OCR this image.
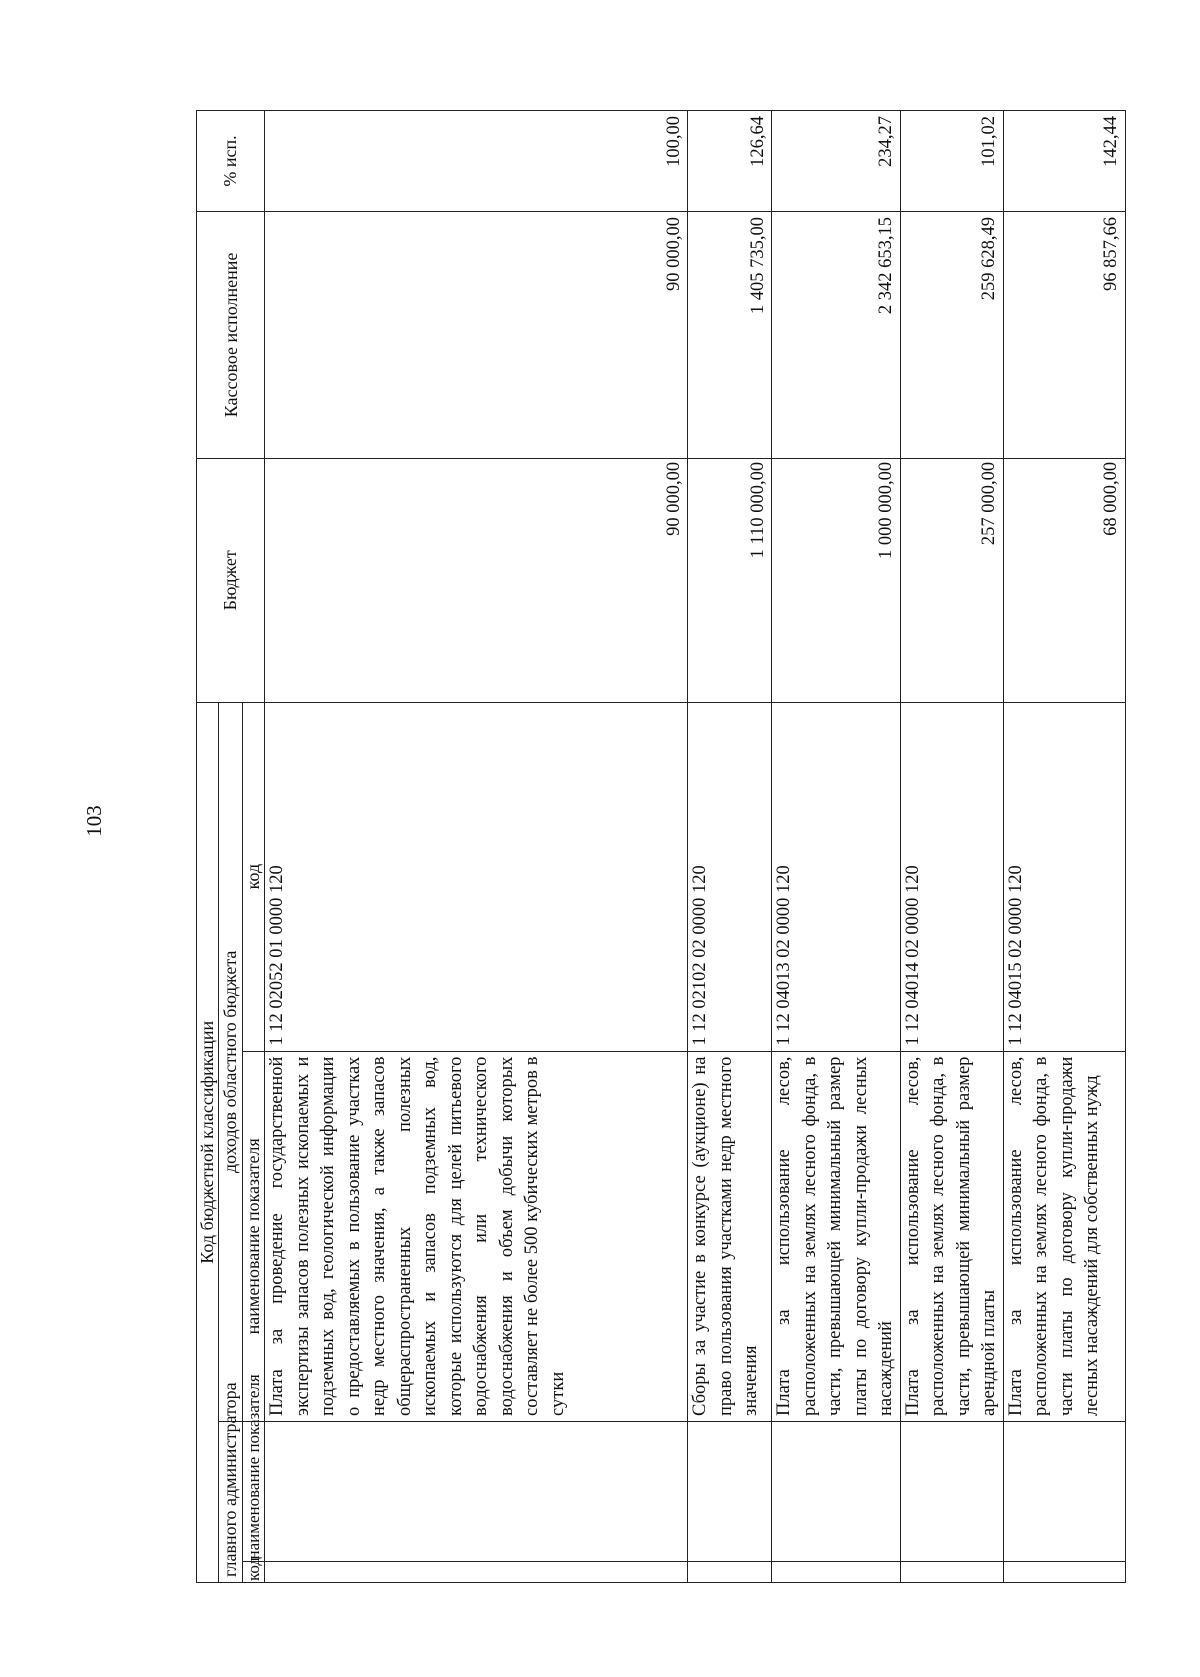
103
Код бюджетной классификации				Бюджет	Кассовое исполнение	% исп.
главного администратора		доходов областного бюджета				
код	наименование показателя	наименование показателя	код			
		Плата за проведение государственной экспертизы запасов полезных ископаемых и подземных вод, геологической информации о предоставляемых в пользование участках недр местного значения, а также запасов общераспространенных полезных ископаемых и запасов подземных вод, которые используются для целей питьевого водоснабжения или технического водоснабжения и объем добычи которых составляет не более 500 кубических метров в сутки	1 12 02052 01 0000 120	90 000,00	90 000,00	100,00
		Сборы за участие в конкурсе (аукционе) на право пользования участками недр местного значения	1 12 02102 02 0000 120	1 110 000,00	1 405 735,00	126,64
		Плата за использование лесов, расположенных на землях лесного фонда, в части, превышающей минимальный размер платы по договору купли-продажи лесных насаждений	1 12 04013 02 0000 120	1 000 000,00	2 342 653,15	234,27
		Плата за использование лесов, расположенных на землях лесного фонда, в части, превышающей минимальный размер арендной платы	1 12 04014 02 0000 120	257 000,00	259 628,49	101,02
		Плата за использование лесов, расположенных на землях лесного фонда, в части платы по договору купли-продажи лесных насаждений для собственных нужд	1 12 04015 02 0000 120	68 000,00	96 857,66	142,44
